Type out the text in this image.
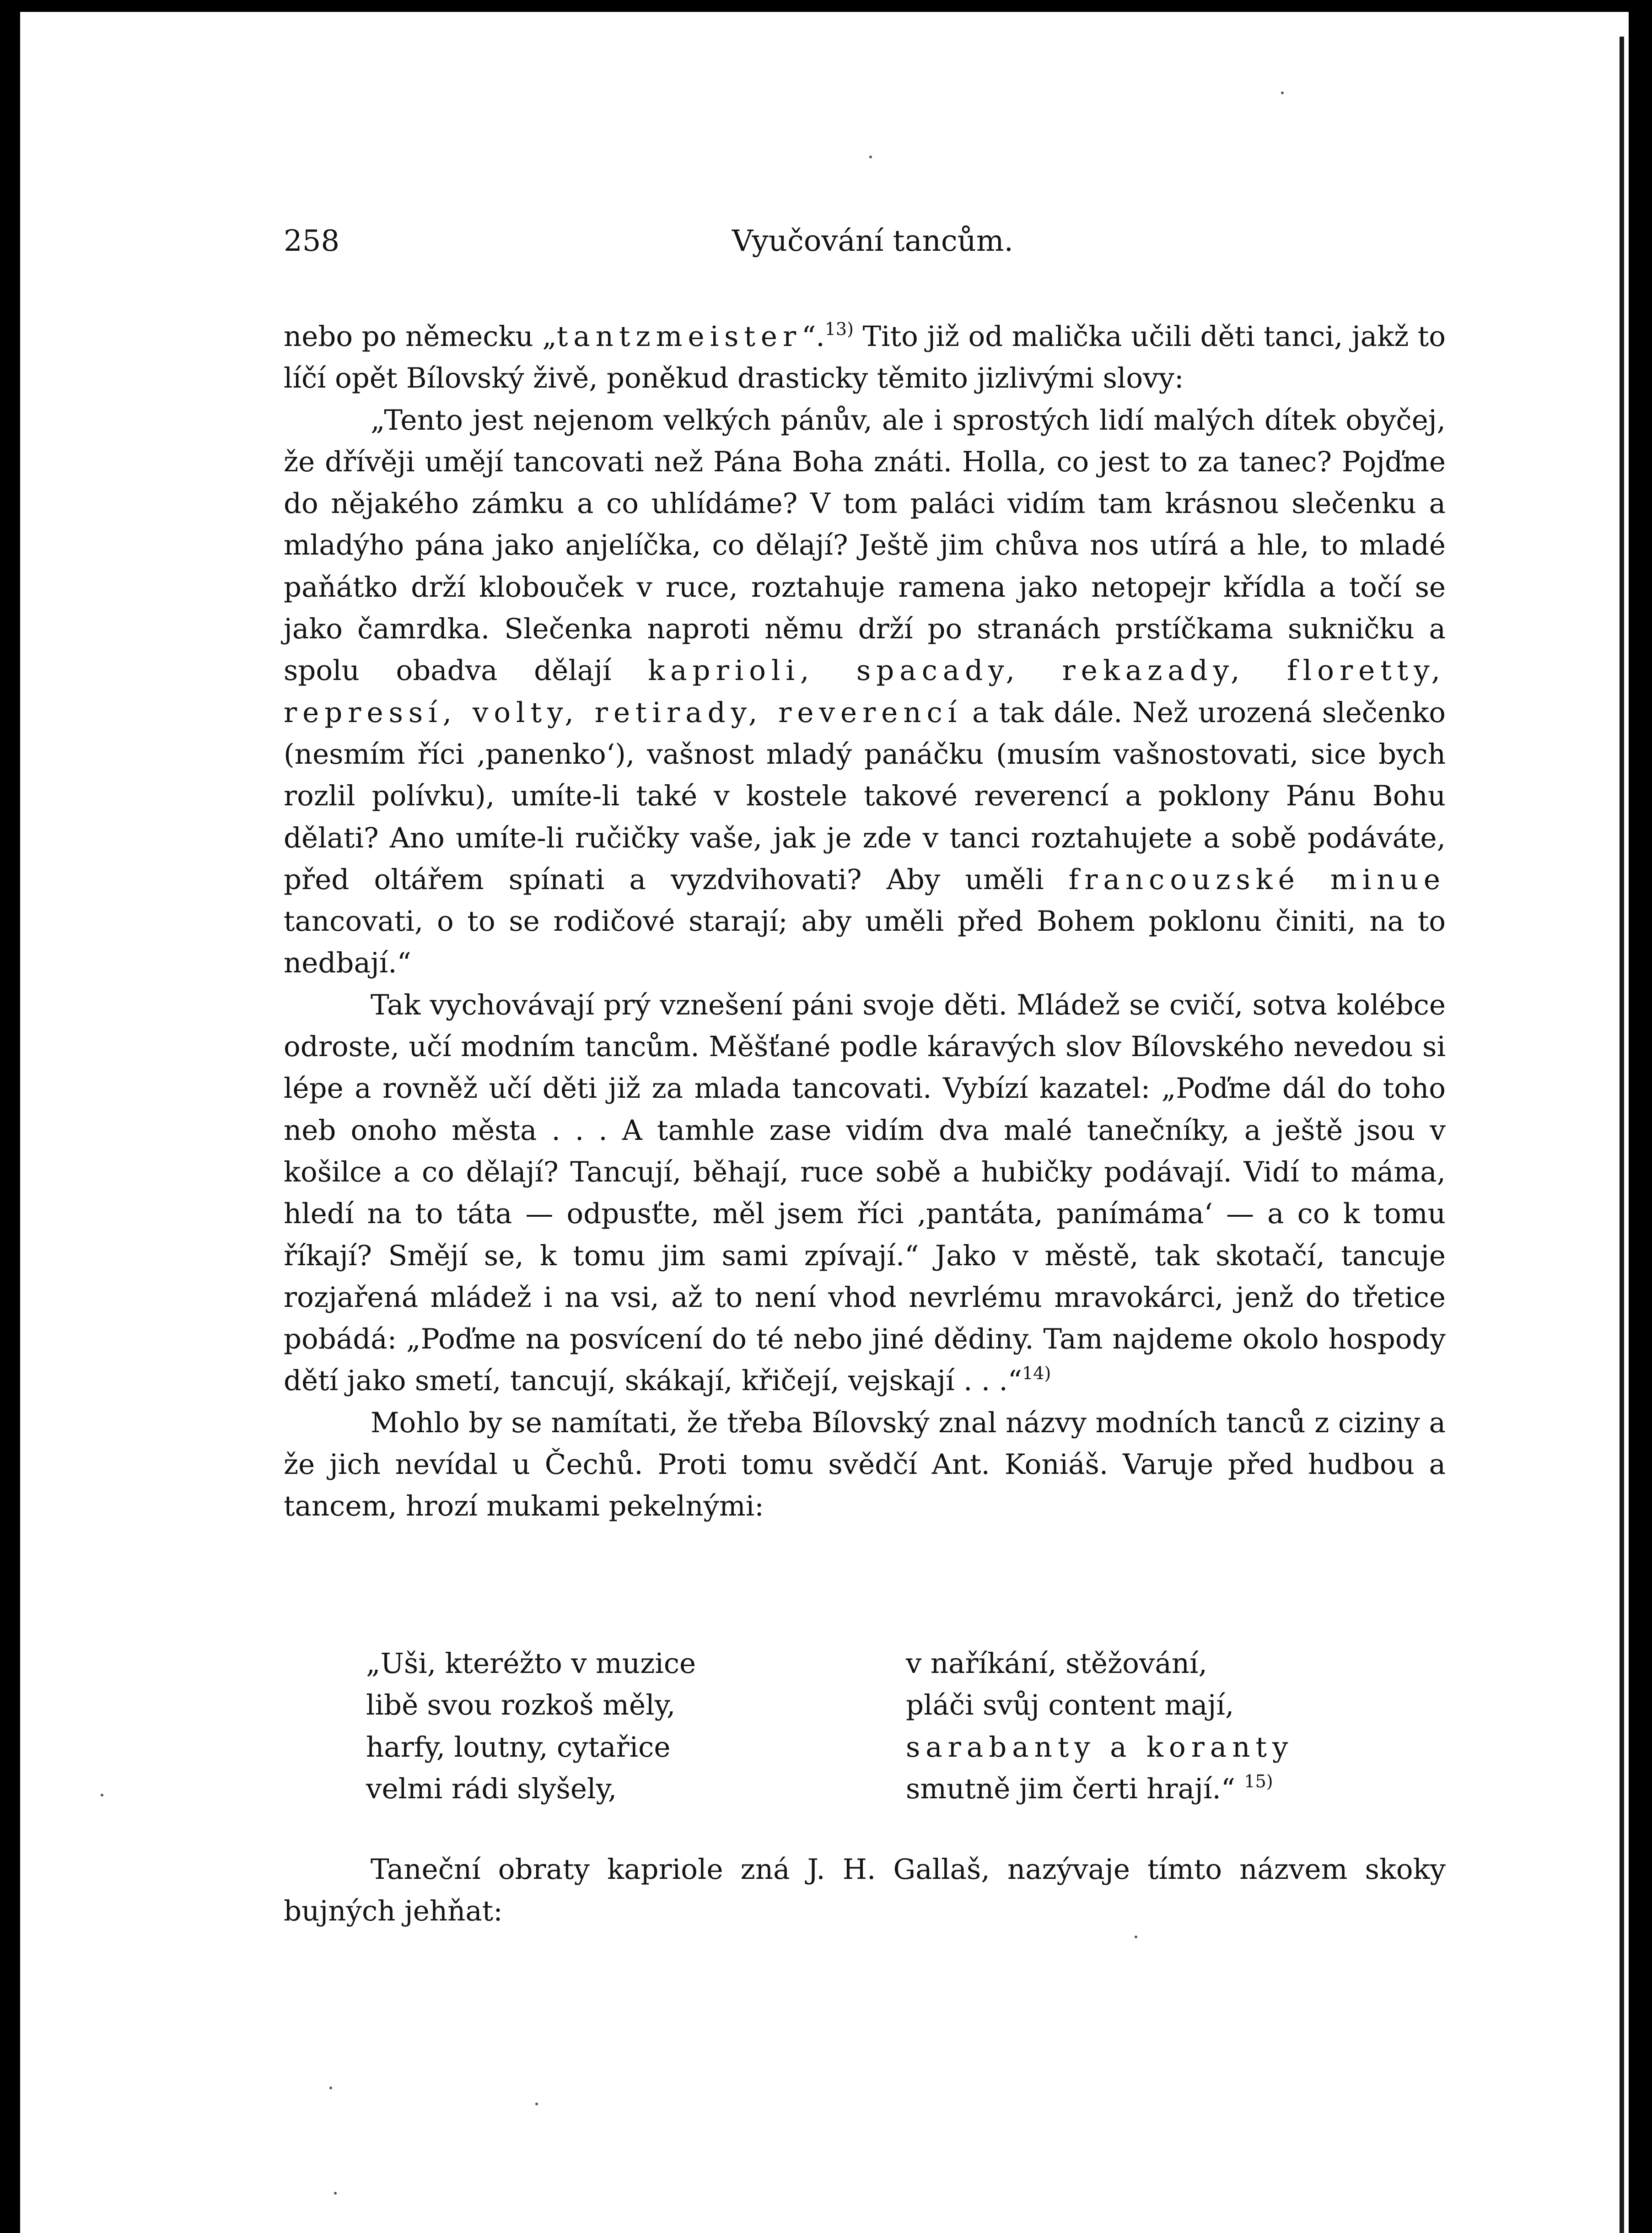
258	Vyučování tancům.

nebo po německu „tantzmeister“.$^{13)}$ Tito již od malička učili děti tanci, jakž to líčí opět Bílovský živě, poněkud drasticky těmito jizlivými slovy:

„Tento jest nejenom velkých pánův, ale i sprostých lidí malých dítek obyčej, že dřívěji umějí tancovati než Pána Boha znáti. Holla, co jest to za tanec? Pojďme do nějakého zámku a co uhlídáme? V tom paláci vidím tam krásnou slečenku a mladýho pána jako anjelíčka, co dělají? Ještě jim chůva nos utírá a hle, to mladé paňátko drží klobouček v ruce, roztahuje ramena jako netopejr křídla a točí se jako čamrdka. Slečenka naproti němu drží po stranách prstíčkama sukničku a spolu obadva dělají kaprioli, spacady, rekazady, floretty, repressí, volty, retirady, reverencí a tak dále. Než urozená slečenko (nesmím říci ‚panenko‘), vašnost mladý panáčku (musím vašnostovati, sice bych rozlil polívku), umíte-li také v kostele takové reverencí a poklony Pánu Bohu dělati? Ano umíte-li ručičky vaše, jak je zde v tanci roztahujete a sobě podáváte, před oltářem spínati a vyzdvihovati? Aby uměli francouzské minue tancovati, o to se rodičové starají; aby uměli před Bohem poklonu činiti, na to nedbají.“

Tak vychovávají prý vznešení páni svoje děti. Mládež se cvičí, sotva kolébce odroste, učí modním tancům. Měšťané podle káravých slov Bílovského nevedou si lépe a rovněž učí děti již za mlada tancovati. Vybízí kazatel: „Poďme dál do toho neb onoho města . . . A tamhle zase vidím dva malé tanečníky, a ještě jsou v košilce a co dělají? Tancují, běhají, ruce sobě a hubičky podávají. Vidí to máma, hledí na to táta — odpusťte, měl jsem říci ‚pantáta, panímáma‘ — a co k tomu říkají? Smějí se, k tomu jim sami zpívají.“ Jako v městě, tak skotačí, tancuje rozjařená mládež i na vsi, až to není vhod nevrlému mravokárci, jenž do třetice pobádá: „Poďme na posvícení do té nebo jiné dědiny. Tam najdeme okolo hospody dětí jako smetí, tancují, skákají, křičejí, vejskají . . .“$^{14)}$

Mohlo by se namítati, že třeba Bílovský znal názvy modních tanců z ciziny a že jich nevídal u Čechů. Proti tomu svědčí Ant. Koniáš. Varuje před hudbou a tancem, hrozí mukami pekelnými:

„Uši, kteréžto v muzice
libě svou rozkoš měly,
harfy, loutny, cytařice
velmi rádi slyšely,
v naříkání, stěžování,
pláči svůj content mají,
sarabanty a koranty
smutně jim čerti hrají.“ $^{15)}$

Taneční obraty kapriole zná J. H. Gallaš, nazývaje tímto názvem skoky bujných jehňat:
